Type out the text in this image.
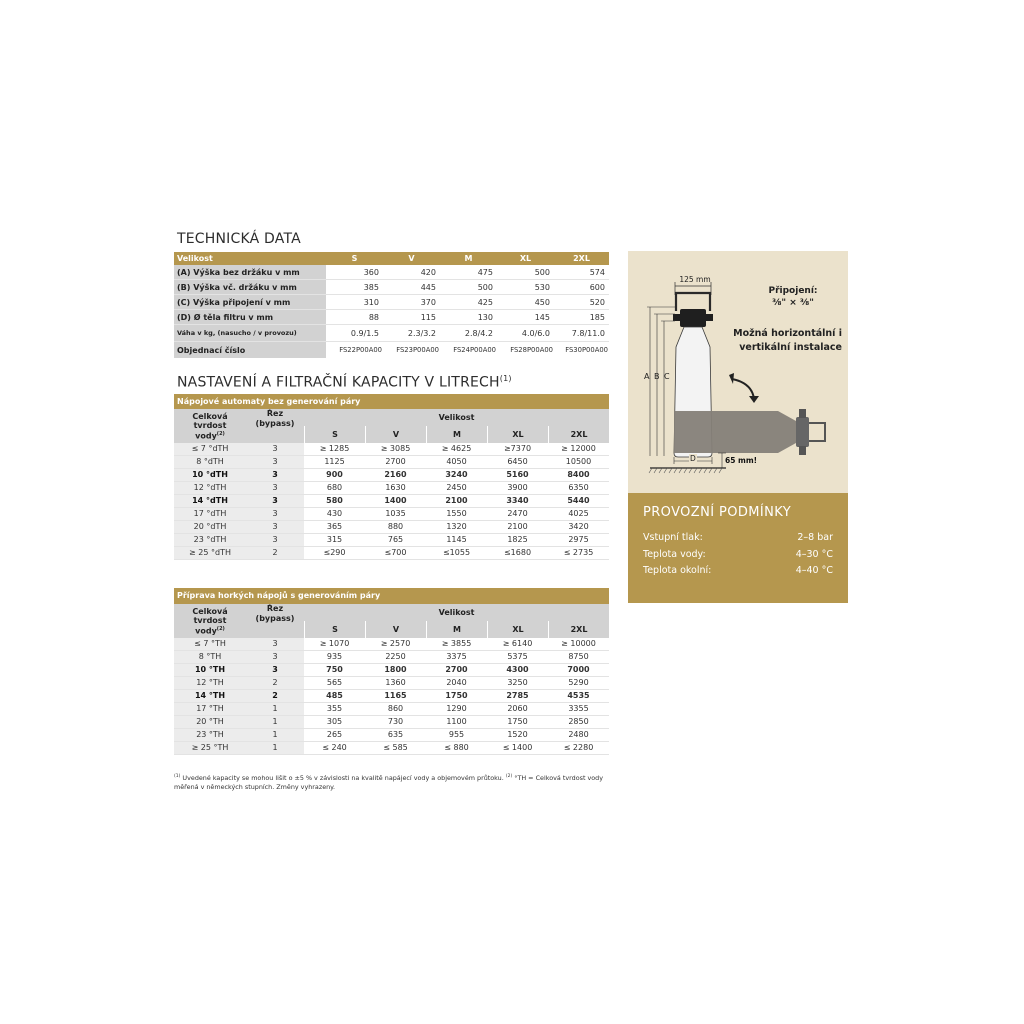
TECHNICKÁ DATA
Velikost	S	V	M	XL	2XL
(A) Výška bez držáku v mm	360	420	475	500	574
(B) Výška vč. držáku v mm	385	445	500	530	600
(C) Výška připojení v mm	310	370	425	450	520
(D) Ø těla filtru v mm	88	115	130	145	185
Váha v kg, (nasucho / v provozu)	0.9/1.5	2.3/3.2	2.8/4.2	4.0/6.0	7.8/11.0
Objednací číslo	FS22P00A00	FS23P00A00	FS24P00A00	FS28P00A00	FS30P00A00
NASTAVENÍ A FILTRAČNÍ KAPACITY V LITRECH$^{(1)}$
Nápojové automaty bez generování páry
Celková tvrdost vody$^{(2)}$	Řez (bypass)	Velikost				
		S	V	M	XL	2XL
≤ 7 °dTH	3	≥ 1285	≥ 3085	≥ 4625	≥7370	≥ 12000
8 °dTH	3	1125	2700	4050	6450	10500
10 °dTH	3	900	2160	3240	5160	8400
12 °dTH	3	680	1630	2450	3900	6350
14 °dTH	3	580	1400	2100	3340	5440
17 °dTH	3	430	1035	1550	2470	4025
20 °dTH	3	365	880	1320	2100	3420
23 °dTH	3	315	765	1145	1825	2975
≥ 25 °dTH	2	≤290	≤700	≤1055	≤1680	≤ 2735
Příprava horkých nápojů s generováním páry
Celková tvrdost vody$^{(2)}$	Řez (bypass)	Velikost				
		S	V	M	XL	2XL
≤ 7 °TH	3	≥ 1070	≥ 2570	≥ 3855	≥ 6140	≥ 10000
8 °TH	3	935	2250	3375	5375	8750
10 °TH	3	750	1800	2700	4300	7000
12 °TH	2	565	1360	2040	3250	5290
14 °TH	2	485	1165	1750	2785	4535
17 °TH	1	355	860	1290	2060	3355
20 °TH	1	305	730	1100	1750	2850
23 °TH	1	265	635	955	1520	2480
≥ 25 °TH	1	≤ 240	≤ 585	≤ 880	≤ 1400	≤ 2280
$^{(1)}$ Uvedené kapacity se mohou lišit o ±5 % v závislosti na kvalitě napájecí vody a objemovém průtoku. $^{(2)}$ °TH = Celková tvrdost vody měřená v německých stupních. Změny vyhrazeny.
125 mm
A B C
D	65 mm!
Připojení:
⅜" × ⅜"
Možná horizontální i
vertikální instalace
PROVOZNÍ PODMÍNKY
Vstupní tlak:	2–8 bar
Teplota vody:	4–30 °C
Teplota okolní:	4–40 °C
